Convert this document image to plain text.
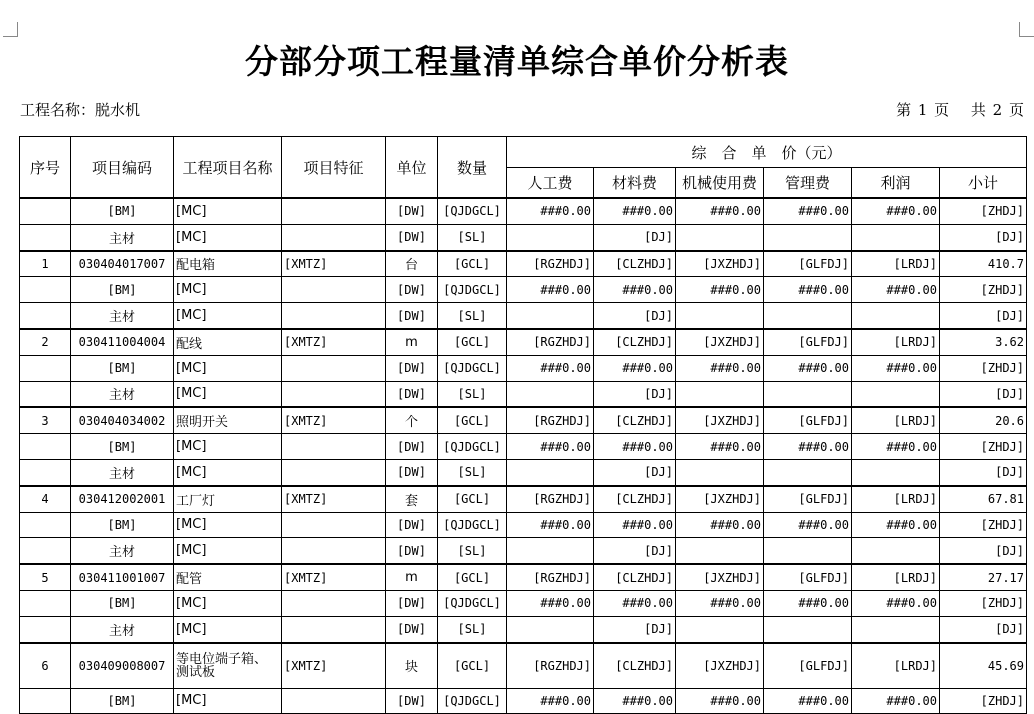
分部分项工程量清单综合单价分析表
工程名称：脱水机	第 1 页　 共 2 页
序号	项目编码	工程项目名称	项目特征	单位	数量	综　合　单　价（元）					
						人工费	材料费	机械使用费	管理费	利润	小计
	[BM]	[MC]		[DW]	[QJDGCL]	###0.00	###0.00	###0.00	###0.00	###0.00	[ZHDJ]
	主材	[MC]		[DW]	[SL]		[DJ]				[DJ]
1	030404017007	配电箱	[XMTZ]	台	[GCL]	[RGZHDJ]	[CLZHDJ]	[JXZHDJ]	[GLFDJ]	[LRDJ]	410.7
	[BM]	[MC]		[DW]	[QJDGCL]	###0.00	###0.00	###0.00	###0.00	###0.00	[ZHDJ]
	主材	[MC]		[DW]	[SL]		[DJ]				[DJ]
2	030411004004	配线	[XMTZ]	m	[GCL]	[RGZHDJ]	[CLZHDJ]	[JXZHDJ]	[GLFDJ]	[LRDJ]	3.62
	[BM]	[MC]		[DW]	[QJDGCL]	###0.00	###0.00	###0.00	###0.00	###0.00	[ZHDJ]
	主材	[MC]		[DW]	[SL]		[DJ]				[DJ]
3	030404034002	照明开关	[XMTZ]	个	[GCL]	[RGZHDJ]	[CLZHDJ]	[JXZHDJ]	[GLFDJ]	[LRDJ]	20.6
	[BM]	[MC]		[DW]	[QJDGCL]	###0.00	###0.00	###0.00	###0.00	###0.00	[ZHDJ]
	主材	[MC]		[DW]	[SL]		[DJ]				[DJ]
4	030412002001	工厂灯	[XMTZ]	套	[GCL]	[RGZHDJ]	[CLZHDJ]	[JXZHDJ]	[GLFDJ]	[LRDJ]	67.81
	[BM]	[MC]		[DW]	[QJDGCL]	###0.00	###0.00	###0.00	###0.00	###0.00	[ZHDJ]
	主材	[MC]		[DW]	[SL]		[DJ]				[DJ]
5	030411001007	配管	[XMTZ]	m	[GCL]	[RGZHDJ]	[CLZHDJ]	[JXZHDJ]	[GLFDJ]	[LRDJ]	27.17
	[BM]	[MC]		[DW]	[QJDGCL]	###0.00	###0.00	###0.00	###0.00	###0.00	[ZHDJ]
	主材	[MC]		[DW]	[SL]		[DJ]				[DJ]
6	030409008007	等电位端子箱、测试板	[XMTZ]	块	[GCL]	[RGZHDJ]	[CLZHDJ]	[JXZHDJ]	[GLFDJ]	[LRDJ]	45.69
	[BM]	[MC]		[DW]	[QJDGCL]	###0.00	###0.00	###0.00	###0.00	###0.00	[ZHDJ]
